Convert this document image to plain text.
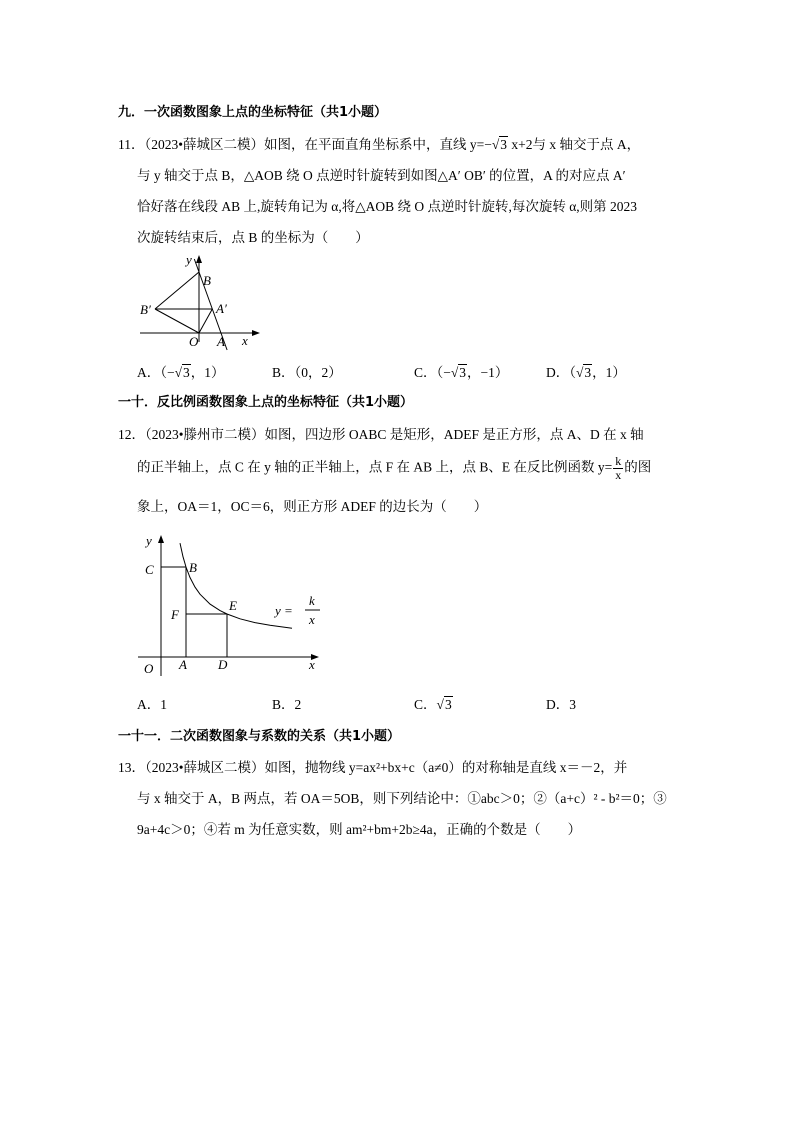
九．一次函数图象上点的坐标特征（共1小题）
11．（2023•薛城区二模）如图，在平面直角坐标系中，直线 y=−√3 x+2与 x 轴交于点 A，
与 y 轴交于点 B，△AOB 绕 O 点逆时针旋转到如图△A′ OB′ 的位置，A 的对应点 A′
恰好落在线段 AB 上,旋转角记为 α,将△AOB 绕 O 点逆时针旋转,每次旋转 α,则第 2023
次旋转结束后，点 B 的坐标为（　　）
y
x
B
B′	A′
O A
A．（−√3，1）	B．（0，2）	C．（−√3，−1）	D．（√3，1）
一十．反比例函数图象上点的坐标特征（共1小题）
12．（2023•滕州市二模）如图，四边形 OABC 是矩形，ADEF 是正方形，点 A、D 在 x 轴
的正半轴上，点 C 在 y 轴的正半轴上，点 F 在 AB 上，点 B、E 在反比例函数 $y= \frac{k}{x}$ 的图
象上，OA＝1，OC＝6，则正方形 ADEF 的边长为（　　）
y
x
O A D
C	B
F
E	y =
k
x
A．1	B．2	C．√3	D．3
一十一．二次函数图象与系数的关系（共1小题）
13．（2023•薛城区二模）如图，抛物线 y=ax²+bx+c（a≠0）的对称轴是直线 x＝－2，并
与 x 轴交于 A，B 两点，若 OA＝5OB，则下列结论中：①abc＞0；②（a+c）² - b²＝0；③
9a+4c＞0；④若 m 为任意实数，则 am²+bm+2b≥4a，正确的个数是（　　）
